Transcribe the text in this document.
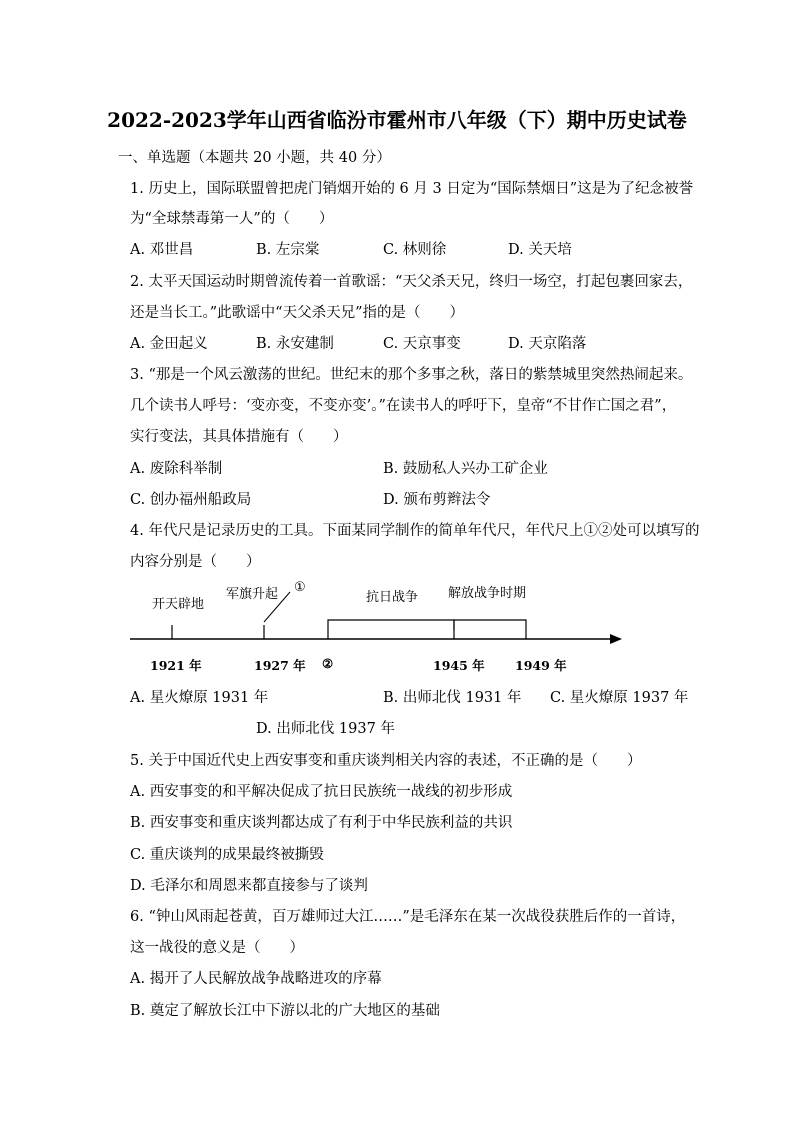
2022-2023学年山西省临汾市霍州市八年级（下）期中历史试卷
一、单选题（本题共 20 小题，共 40 分）
1. 历史上，国际联盟曾把虎门销烟开始的 6 月 3 日定为“国际禁烟日”这是为了纪念被誉
为“全球禁毒第一人”的（　　）
A. 邓世昌	B. 左宗棠	C. 林则徐	D. 关天培
2. 太平天国运动时期曾流传着一首歌谣：“天父杀天兄，终归一场空，打起包裹回家去，
还是当长工。”此歌谣中“天父杀天兄”指的是（　　）
A. 金田起义	B. 永安建制	C. 天京事变	D. 天京陷落
3. “那是一个风云激荡的世纪。世纪末的那个多事之秋，落日的紫禁城里突然热闹起来。
几个读书人呼号：‘变亦变，不变亦变’。”在读书人的呼吁下，皇帝“不甘作亡国之君”，
实行变法，其具体措施有（　　）
A. 废除科举制	B. 鼓励私人兴办工矿企业
C. 创办福州船政局	D. 颁布剪辫法令
4. 年代尺是记录历史的工具。下面某同学制作的简单年代尺，年代尺上①②处可以填写的
内容分别是（　　）
开天辟地
军旗升起 ①
抗日战争 解放战争时期
1921 年	1927 年 ②	1945 年 1949 年
A. 星火燎原 1931 年	B. 出师北伐 1931 年 C. 星火燎原 1937 年
D. 出师北伐 1937 年
5. 关于中国近代史上西安事变和重庆谈判相关内容的表述，不正确的是（　　）
A. 西安事变的和平解决促成了抗日民族统一战线的初步形成
B. 西安事变和重庆谈判都达成了有利于中华民族利益的共识
C. 重庆谈判的成果最终被撕毁
D. 毛泽尔和周恩来都直接参与了谈判
6. “钟山风雨起苍黄，百万雄师过大江……”是毛泽东在某一次战役获胜后作的一首诗，
这一战役的意义是（　　）
A. 揭开了人民解放战争战略进攻的序幕
B. 奠定了解放长江中下游以北的广大地区的基础
